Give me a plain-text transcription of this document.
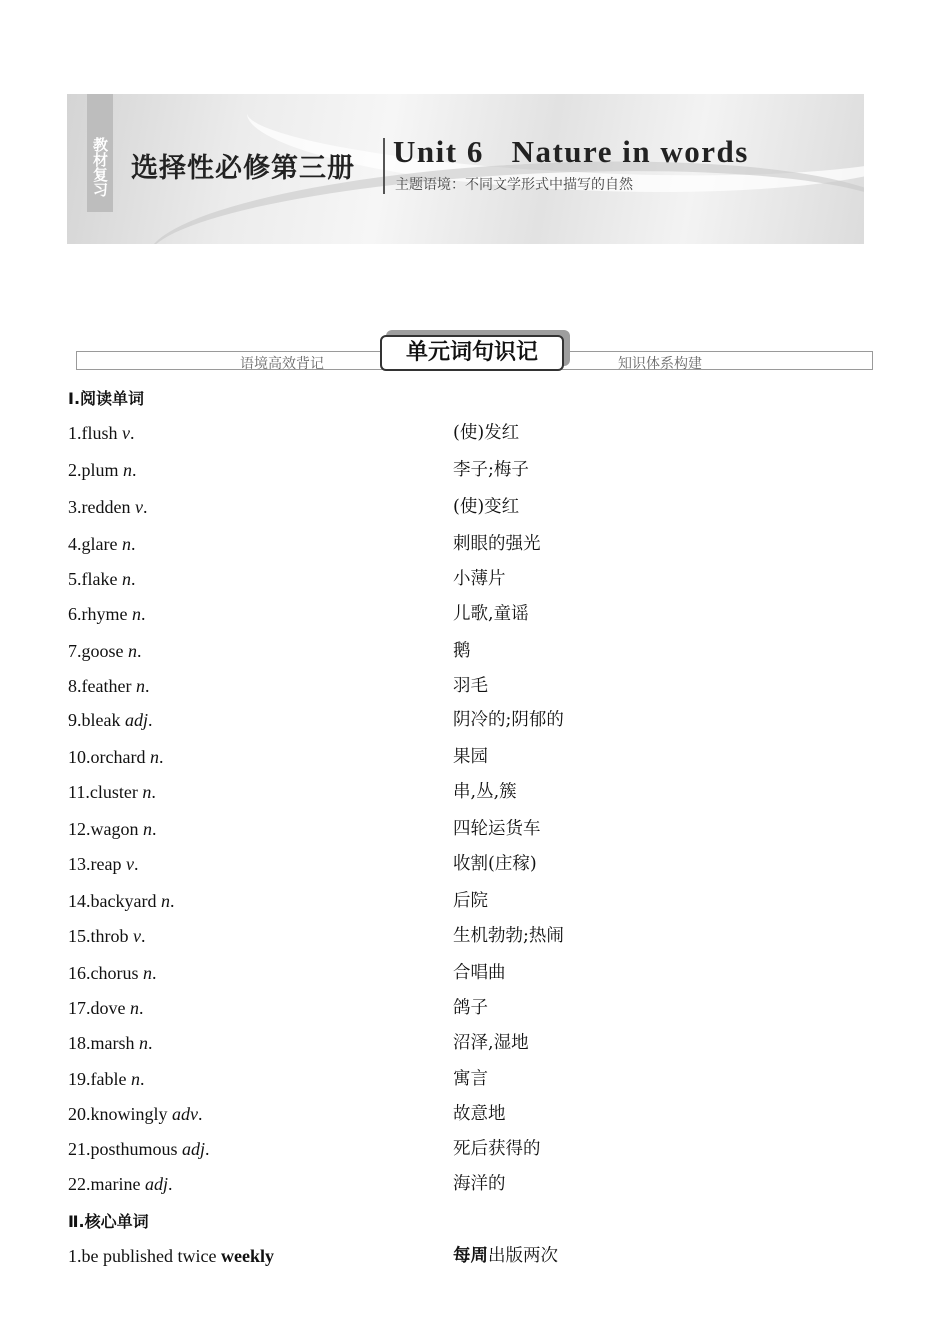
教材复习 选择性必修第三册 Unit 6   Nature in words
主题语境：不同文学形式中描写的自然
语境高效背记	知识体系构建
单元词句识记
Ⅰ.阅读单词
1.flush v.	(使)发红
2.plum n.	李子;梅子
3.redden v.	(使)变红
4.glare n.	刺眼的强光
5.flake n.	小薄片
6.rhyme n.	儿歌,童谣
7.goose n.	鹅
8.feather n.	羽毛
9.bleak adj.	阴冷的;阴郁的
10.orchard n.	果园
11.cluster n.	串,丛,簇
12.wagon n.	四轮运货车
13.reap v.	收割(庄稼)
14.backyard n.	后院
15.throb v.	生机勃勃;热闹
16.chorus n.	合唱曲
17.dove n.	鸽子
18.marsh n.	沼泽,湿地
19.fable n.	寓言
20.knowingly adv.	故意地
21.posthumous adj.	死后获得的
22.marine adj.	海洋的
Ⅱ.核心单词
1.be published twice weekly	每周出版两次
